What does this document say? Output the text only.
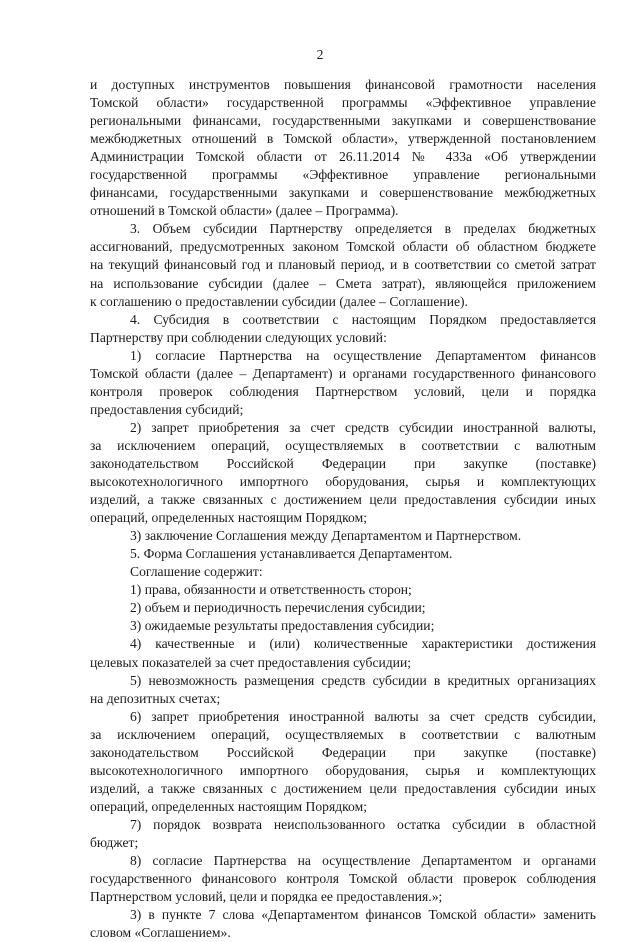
2
и доступных инструментов повышения финансовой грамотности населения
Томской области» государственной программы «Эффективное управление
региональными финансами, государственными закупками и совершенствование
межбюджетных отношений в Томской области», утвержденной постановлением
Администрации Томской области от 26.11.2014 № 433а «Об утверждении
государственной программы «Эффективное управление региональными
финансами, государственными закупками и совершенствование межбюджетных
отношений в Томской области» (далее – Программа).
3. Объем субсидии Партнерству определяется в пределах бюджетных
ассигнований, предусмотренных законом Томской области об областном бюджете
на текущий финансовый год и плановый период, и в соответствии со сметой затрат
на использование субсидии (далее – Смета затрат), являющейся приложением
к соглашению о предоставлении субсидии (далее – Соглашение).
4. Субсидия в соответствии с настоящим Порядком предоставляется
Партнерству при соблюдении следующих условий:
1) согласие Партнерства на осуществление Департаментом финансов
Томской области (далее – Департамент) и органами государственного финансового
контроля проверок соблюдения Партнерством условий, цели и порядка
предоставления субсидий;
2) запрет приобретения за счет средств субсидии иностранной валюты,
за исключением операций, осуществляемых в соответствии с валютным
законодательством Российской Федерации при закупке (поставке)
высокотехнологичного импортного оборудования, сырья и комплектующих
изделий, а также связанных с достижением цели предоставления субсидии иных
операций, определенных настоящим Порядком;
3) заключение Соглашения между Департаментом и Партнерством.
5. Форма Соглашения устанавливается Департаментом.
Соглашение содержит:
1) права, обязанности и ответственность сторон;
2) объем и периодичность перечисления субсидии;
3) ожидаемые результаты предоставления субсидии;
4) качественные и (или) количественные характеристики достижения
целевых показателей за счет предоставления субсидии;
5) невозможность размещения средств субсидии в кредитных организациях
на депозитных счетах;
6) запрет приобретения иностранной валюты за счет средств субсидии,
за исключением операций, осуществляемых в соответствии с валютным
законодательством Российской Федерации при закупке (поставке)
высокотехнологичного импортного оборудования, сырья и комплектующих
изделий, а также связанных с достижением цели предоставления субсидии иных
операций, определенных настоящим Порядком;
7) порядок возврата неиспользованного остатка субсидии в областной
бюджет;
8) согласие Партнерства на осуществление Департаментом и органами
государственного финансового контроля Томской области проверок соблюдения
Партнерством условий, цели и порядка ее предоставления.»;
3) в пункте 7 слова «Департаментом финансов Томской области» заменить
словом «Соглашением».
